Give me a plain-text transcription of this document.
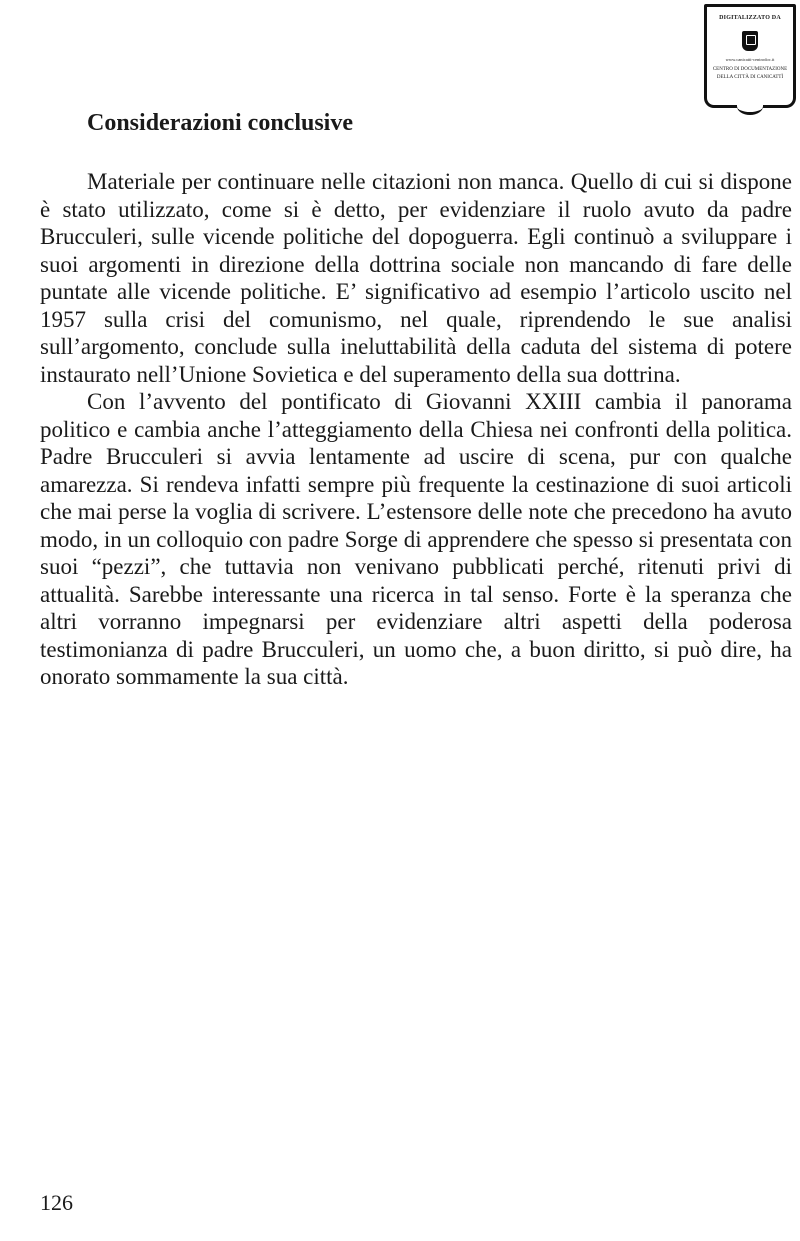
DIGITALIZZATO DA
www.canicatti-centrodoc.it
CENTRO DI DOCUMENTAZIONE
DELLA CITTÀ DI CANICATTÌ
Considerazioni conclusive

Materiale per continuare nelle citazioni non manca. Quello di cui si dispone è stato utilizzato, come si è detto, per evidenziare il ruolo avuto da padre Brucculeri, sulle vicende politiche del dopoguerra. Egli continuò a sviluppare i suoi argomenti in direzione della dottrina sociale non mancando di fare delle puntate alle vicende politiche. E’ significativo ad esempio l’articolo uscito nel 1957 sulla crisi del comunismo, nel quale, riprendendo le sue analisi sull’argomento, conclude sulla ineluttabilità della caduta del sistema di potere instaurato nell’Unione Sovietica e del superamento della sua dottrina.

Con l’avvento del pontificato di Giovanni XXIII cambia il panorama politico e cambia anche l’atteggiamento della Chiesa nei confronti della politica. Padre Brucculeri si avvia lentamente ad uscire di scena, pur con qualche amarezza. Si rendeva infatti sempre più frequente la cestinazione di suoi articoli che mai perse la voglia di scrivere. L’estensore delle note che precedono ha avuto modo, in un colloquio con padre Sorge di apprendere che spesso si presentata con suoi “pezzi”, che tuttavia non venivano pubblicati perché, ritenuti privi di attualità. Sarebbe interessante una ricerca in tal senso. Forte è la speranza che altri vorranno impegnarsi per evidenziare altri aspetti della poderosa testimonianza di padre Brucculeri, un uomo che, a buon diritto, si può dire, ha onorato sommamente la sua città.

126
